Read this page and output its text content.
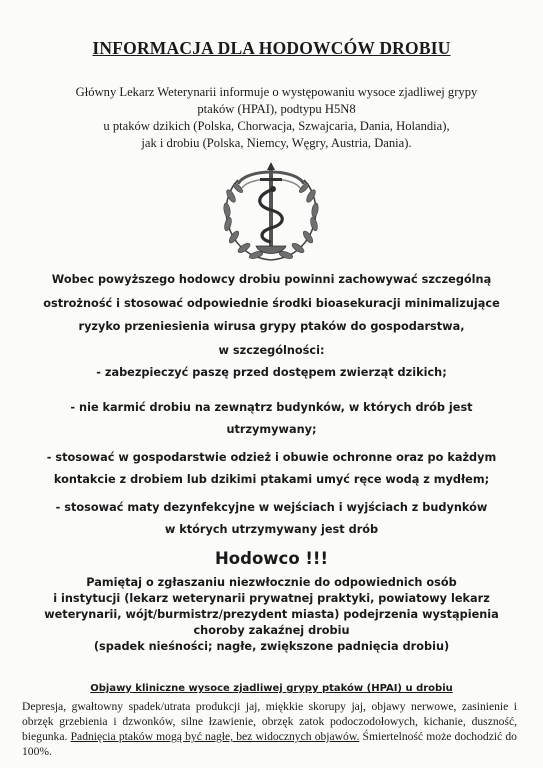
INFORMACJA DLA HODOWCÓW DROBIU
Główny Lekarz Weterynarii informuje o występowaniu wysoce zjadliwej grypy
ptaków (HPAI), podtypu H5N8
u ptaków dzikich (Polska, Chorwacja, Szwajcaria, Dania, Holandia),
jak i drobiu (Polska, Niemcy, Węgry, Austria, Dania).
Wobec powyższego hodowcy drobiu powinni zachowywać szczególną
ostrożność i stosować odpowiednie środki bioasekuracji minimalizujące
ryzyko przeniesienia wirusa grypy ptaków do gospodarstwa,
w szczególności:
- zabezpieczyć paszę przed dostępem zwierząt dzikich;
- nie karmić drobiu na zewnątrz budynków, w których drób jest
utrzymywany;
- stosować w gospodarstwie odzież i obuwie ochronne oraz po każdym
kontakcie z drobiem lub dzikimi ptakami umyć ręce wodą z mydłem;
- stosować maty dezynfekcyjne w wejściach i wyjściach z budynków
w których utrzymywany jest drób
Hodowco !!!
Pamiętaj o zgłaszaniu niezwłocznie do odpowiednich osób
i instytucji (lekarz weterynarii prywatnej praktyki, powiatowy lekarz
weterynarii, wójt/burmistrz/prezydent miasta) podejrzenia wystąpienia
choroby zakaźnej drobiu
(spadek nieśności; nagłe, zwiększone padnięcia drobiu)
Objawy kliniczne wysoce zjadliwej grypy ptaków (HPAI) u drobiu
Depresja, gwałtowny spadek/utrata produkcji jaj, miękkie skorupy jaj, objawy nerwowe, zasinienie i obrzęk grzebienia i dzwonków, silne łzawienie, obrzęk zatok podoczodołowych, kichanie, duszność, biegunka. Padnięcia ptaków mogą być nagłe, bez widocznych objawów. Śmiertelność może dochodzić do 100%.
